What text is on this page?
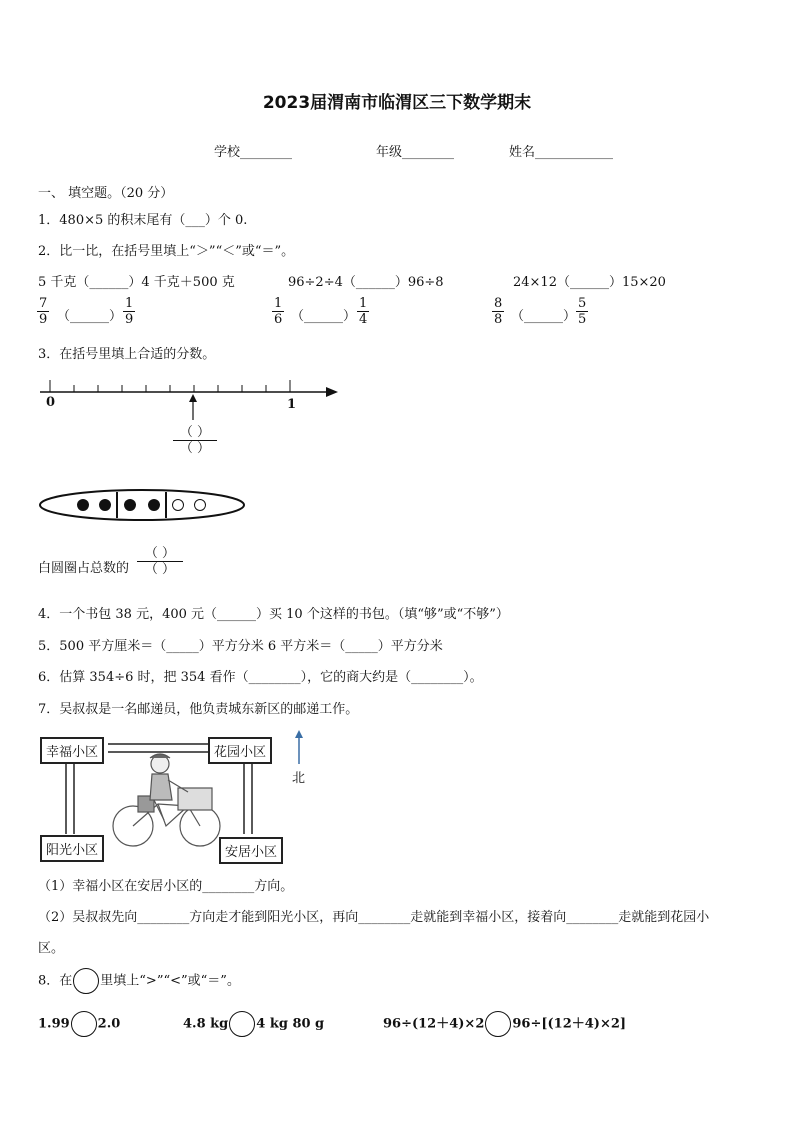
2023届渭南市临渭区三下数学期末
学校________	年级________	姓名____________
一、 填空题。（20 分）
1．480×5 的积末尾有（___）个 0.
2．比一比，在括号里填上“＞”“＜”或“＝”。
5 千克（______）4 千克＋500 克	96÷2÷4（______）96÷8	24×12（______）15×20
$\frac{7}{9}$ （______） $\frac{1}{9}$	$\frac{1}{6}$ （______） $\frac{1}{4}$	$\frac{8}{8}$ （______） $\frac{5}{5}$
3．在括号里填上合适的分数。
0	1
（ ）
（ ）
白圆圈占总数的
（ ）
（ ）
4．一个书包 38 元，400 元（______）买 10 个这样的书包。（填“够”或“不够”）
5．500 平方厘米＝（_____）平方分米 6 平方米＝（_____）平方分米
6．估算 354÷6 时，把 354 看作（________），它的商大约是（________）。
7．吴叔叔是一名邮递员，他负责城东新区的邮递工作。
幸福小区	花园小区
阳光小区	安居小区
北
（1）幸福小区在安居小区的________方向。
（2）吴叔叔先向________方向走才能到阳光小区，再向________走就能到幸福小区，接着向________走就能到花园小
区。
8．在 里填上“>”“<”或“＝”。
1.99 2.0	4.8 kg 4 kg 80 g	96÷(12＋4)×2 96÷[(12＋4)×2]
